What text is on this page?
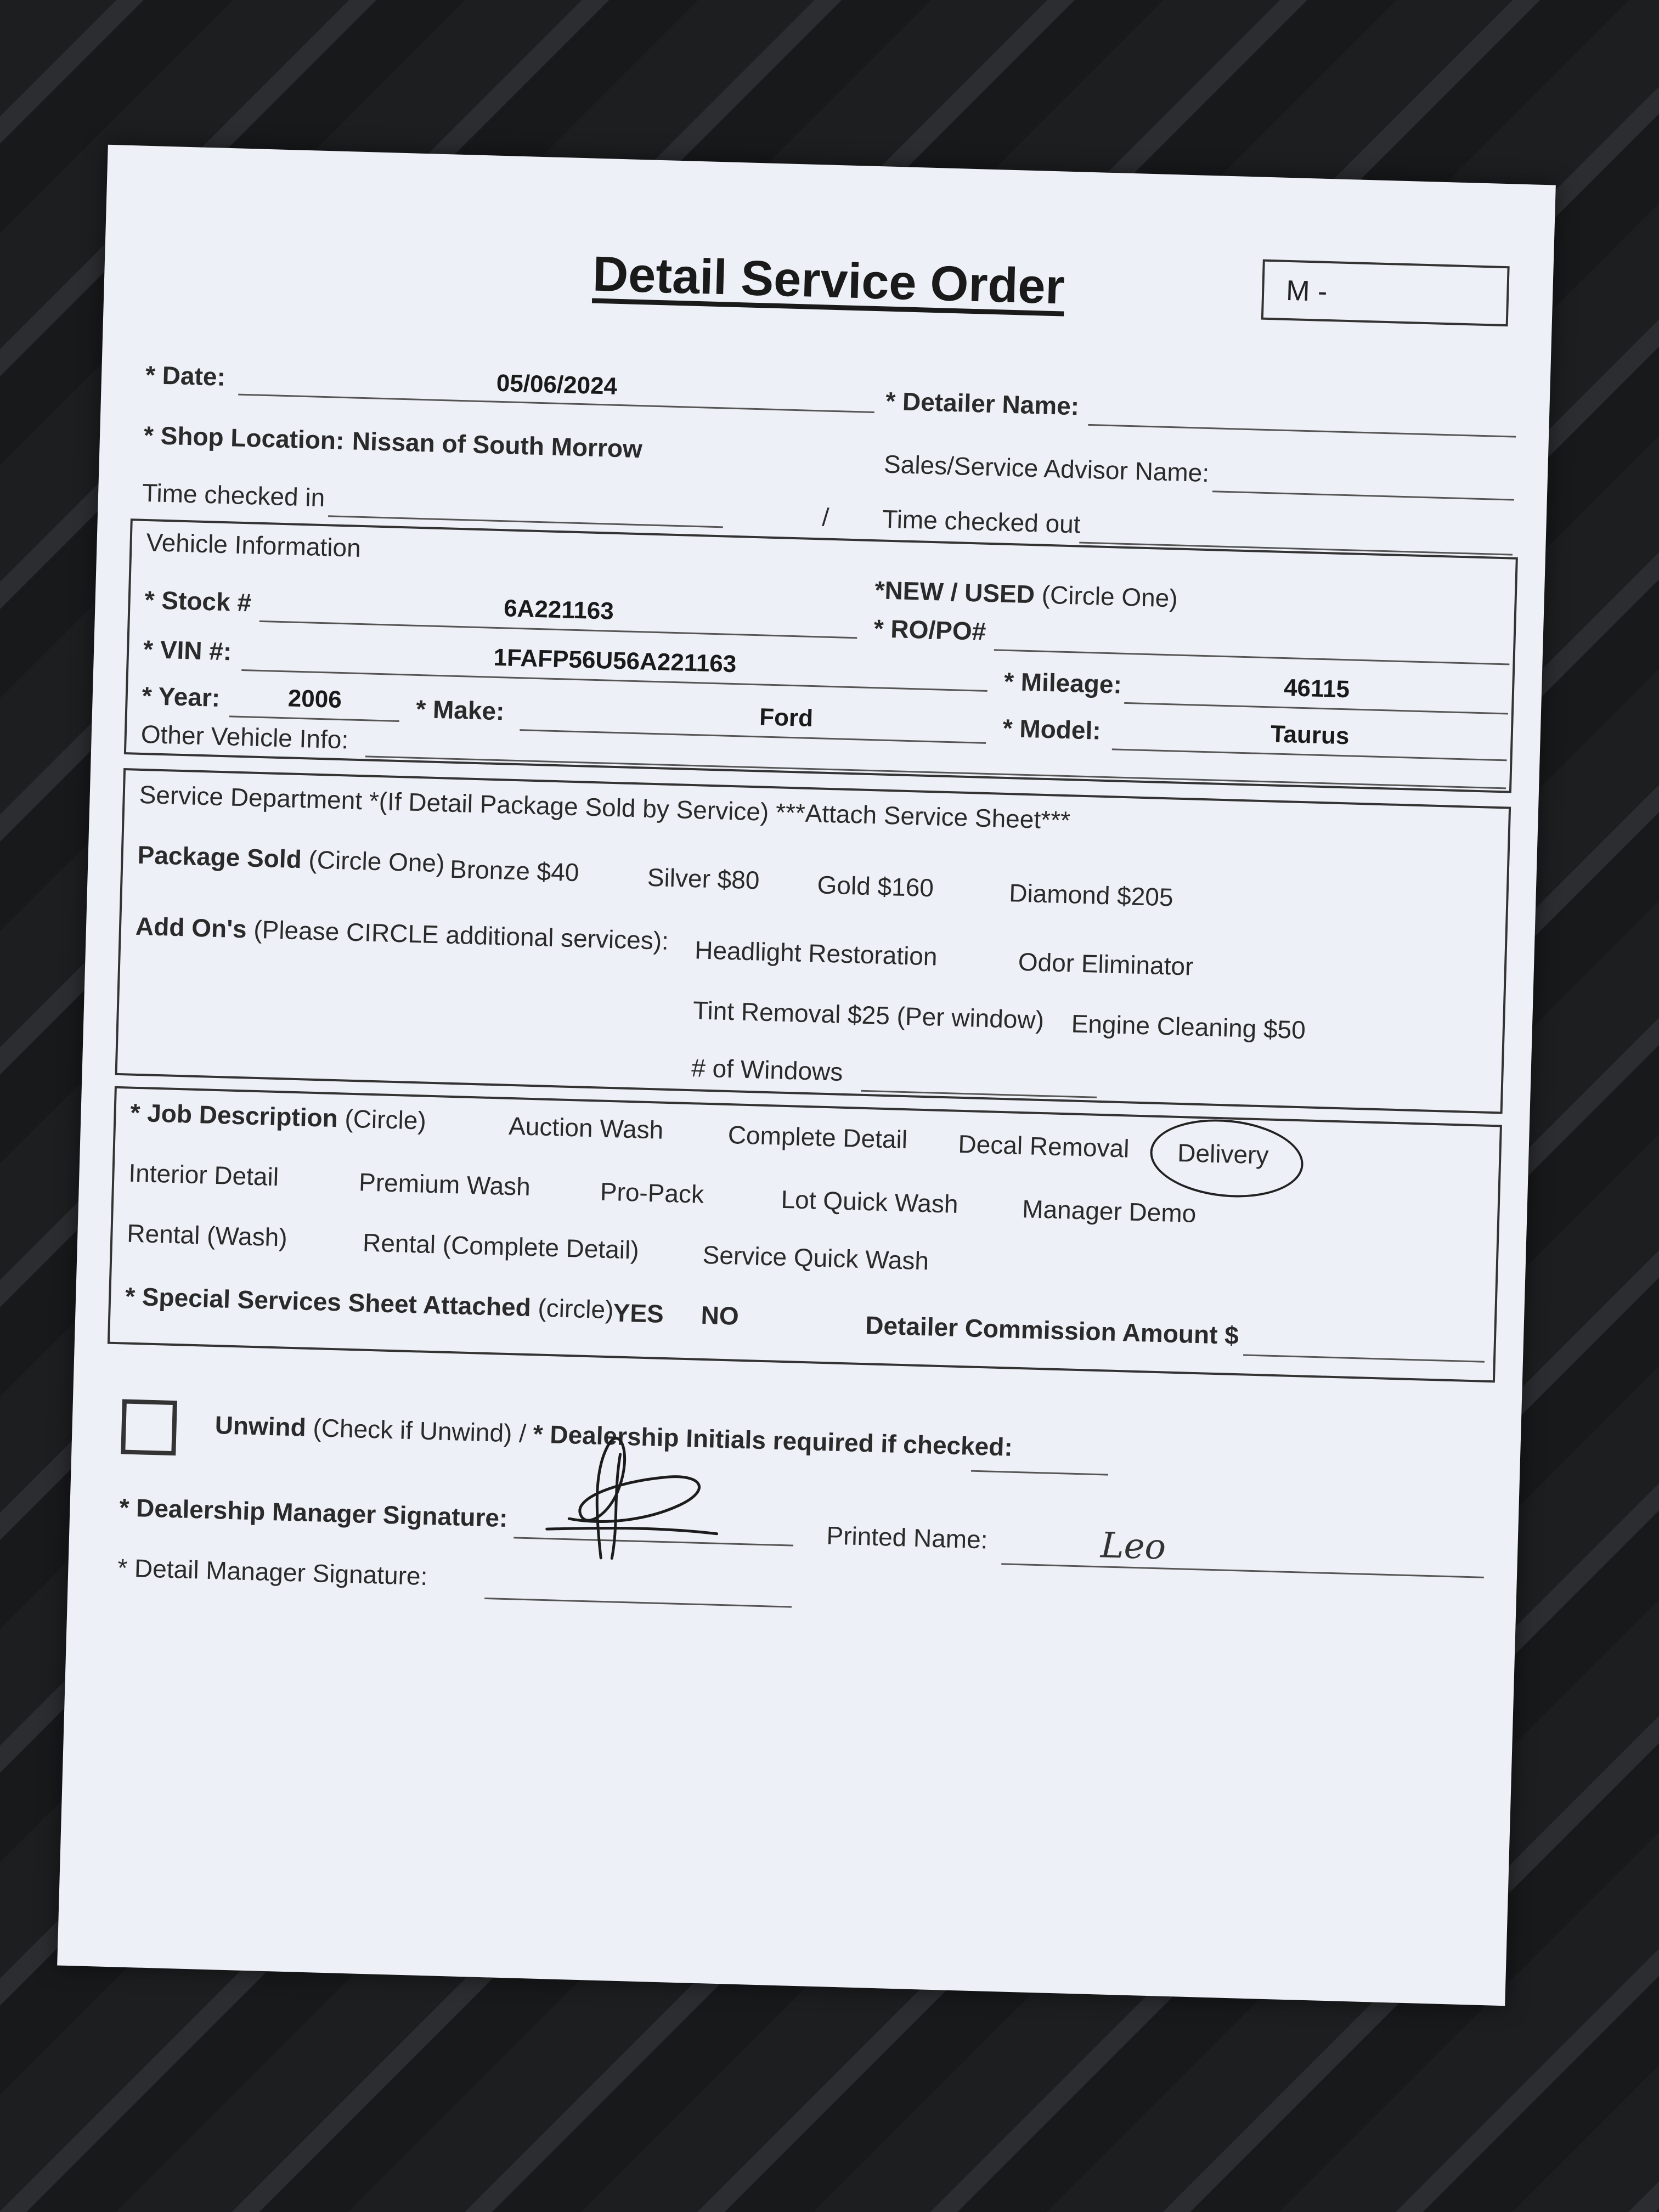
Detail Service Order	M -
* Date:	05/06/2024
* Detailer Name:
* Shop Location: Nissan of South Morrow
Sales/Service Advisor Name:
Time checked in
/ Time checked out
Vehicle Information
*NEW / USED (Circle One)
* Stock #	6A221163
* RO/PO#
* VIN #:	1FAFP56U56A221163
* Mileage:	46115
* Year:	2006	* Make:	Ford	* Model:	Taurus
Other Vehicle Info:
Service Department *(If Detail Package Sold by Service) ***Attach Service Sheet***
Package Sold (Circle One) Bronze $40	Silver $80 Gold $160	Diamond $205
Add On's (Please CIRCLE additional services): Headlight Restoration	Odor Eliminator
Tint Removal $25 (Per window) Engine Cleaning $50
# of Windows
* Job Description (Circle)	Auction Wash	Complete Detail Decal Removal Delivery
Interior Detail	Premium Wash	Pro-Pack	Lot Quick Wash	Manager Demo
Rental (Wash)	Rental (Complete Detail) Service Quick Wash
* Special Services Sheet Attached (circle)
YES NO	Detailer Commission Amount $
Unwind (Check if Unwind) / * Dealership Initials required if checked:
* Dealership Manager Signature:
Printed Name:	Leo
* Detail Manager Signature:
